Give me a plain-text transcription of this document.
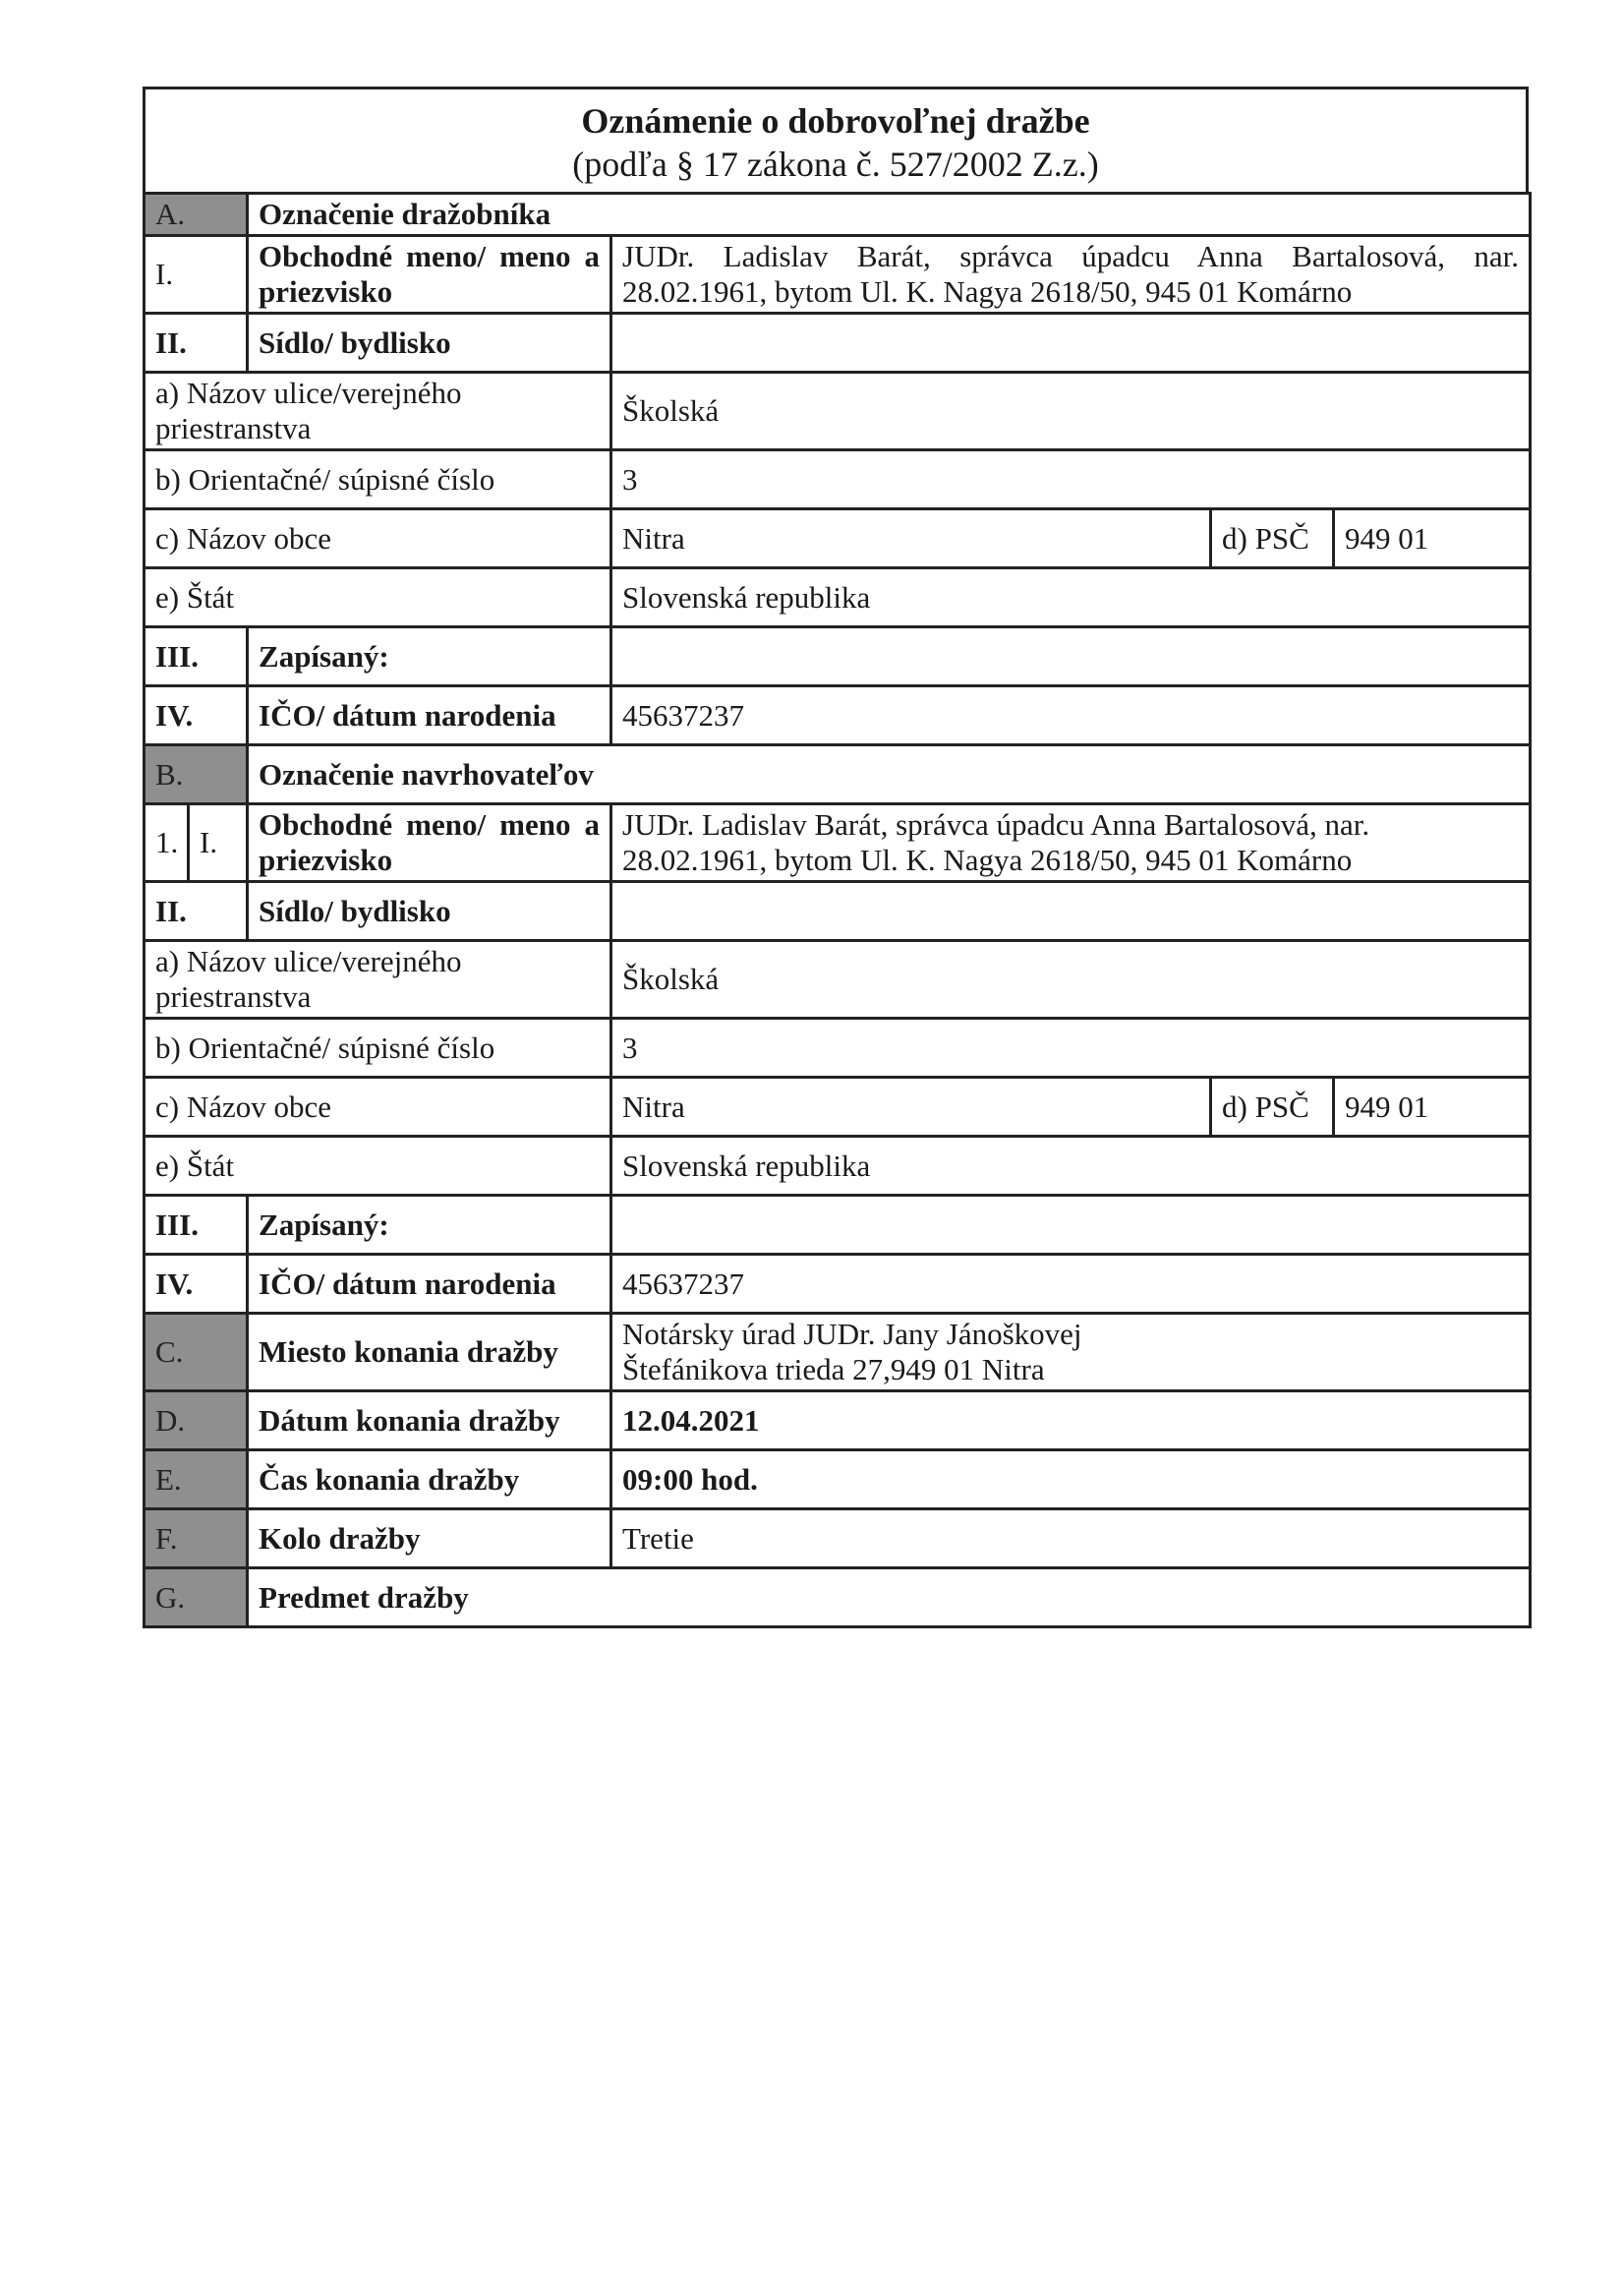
Oznámenie o dobrovoľnej dražbe
(podľa § 17 zákona č. 527/2002 Z.z.)
A.		Označenie dražobníka			
I.		Obchodné meno/ meno a priezvisko	JUDr. Ladislav Barát, správca úpadcu Anna Bartalosová, nar. 28.02.1961, bytom Ul. K. Nagya 2618/50, 945 01 Komárno		
II.		Sídlo/ bydlisko			
a) Názov ulice/verejného priestranstva			Školská		
b) Orientačné/ súpisné číslo			3		
c) Názov obce			Nitra	d) PSČ	949 01
e) Štát			Slovenská republika		
III.		Zapísaný:			
IV.		IČO/ dátum narodenia	45637237		
B.		Označenie navrhovateľov			
1.	I.	Obchodné meno/ meno a priezvisko	JUDr. Ladislav Barát, správca úpadcu Anna Bartalosová, nar. 28.02.1961, bytom Ul. K. Nagya 2618/50, 945 01 Komárno		
II.		Sídlo/ bydlisko			
a) Názov ulice/verejného priestranstva			Školská		
b) Orientačné/ súpisné číslo			3		
c) Názov obce			Nitra	d) PSČ	949 01
e) Štát			Slovenská republika		
III.		Zapísaný:			
IV.		IČO/ dátum narodenia	45637237		
C.		Miesto konania dražby	Notársky úrad JUDr. Jany Jánoškovej
Štefánikova trieda 27,949 01 Nitra		

D.		Dátum konania dražby	12.04.2021		
E.		Čas konania dražby	09:00 hod.		
F.		Kolo dražby	Tretie		
G.		Predmet dražby			
